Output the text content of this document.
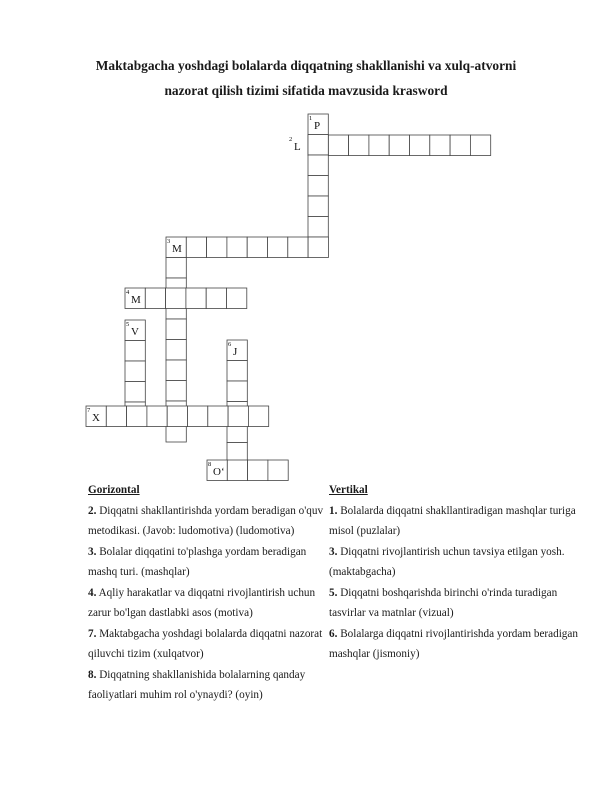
Maktabgacha yoshdagi bolalarda diqqatning shakllanishi va xulq-atvorni
nazorat qilish tizimi sifatida mavzusida krasword
1
P
2
L
3
M
4
M
5
V
6
J
7
X
8
O‘
Gorizontal
2. Diqqatni shakllantirishda yordam beradigan o'quv metodikasi. (Javob: ludomotiva) (ludomotiva)
3. Bolalar diqqatini to'plashga yordam beradigan mashq turi. (mashqlar)
4. Aqliy harakatlar va diqqatni rivojlantirish uchun zarur bo'lgan dastlabki asos (motiva)
7. Maktabgacha yoshdagi bolalarda diqqatni nazorat qiluvchi tizim (xulqatvor)
8. Diqqatning shakllanishida bolalarning qanday faoliyatlari muhim rol o'ynaydi? (oyin)
Vertikal
1. Bolalarda diqqatni shakllantiradigan mashqlar turiga misol (puzlalar)
3. Diqqatni rivojlantirish uchun tavsiya etilgan yosh. (maktabgacha)
5. Diqqatni boshqarishda birinchi o'rinda turadigan tasvirlar va matnlar (vizual)
6. Bolalarga diqqatni rivojlantirishda yordam beradigan mashqlar (jismoniy)
